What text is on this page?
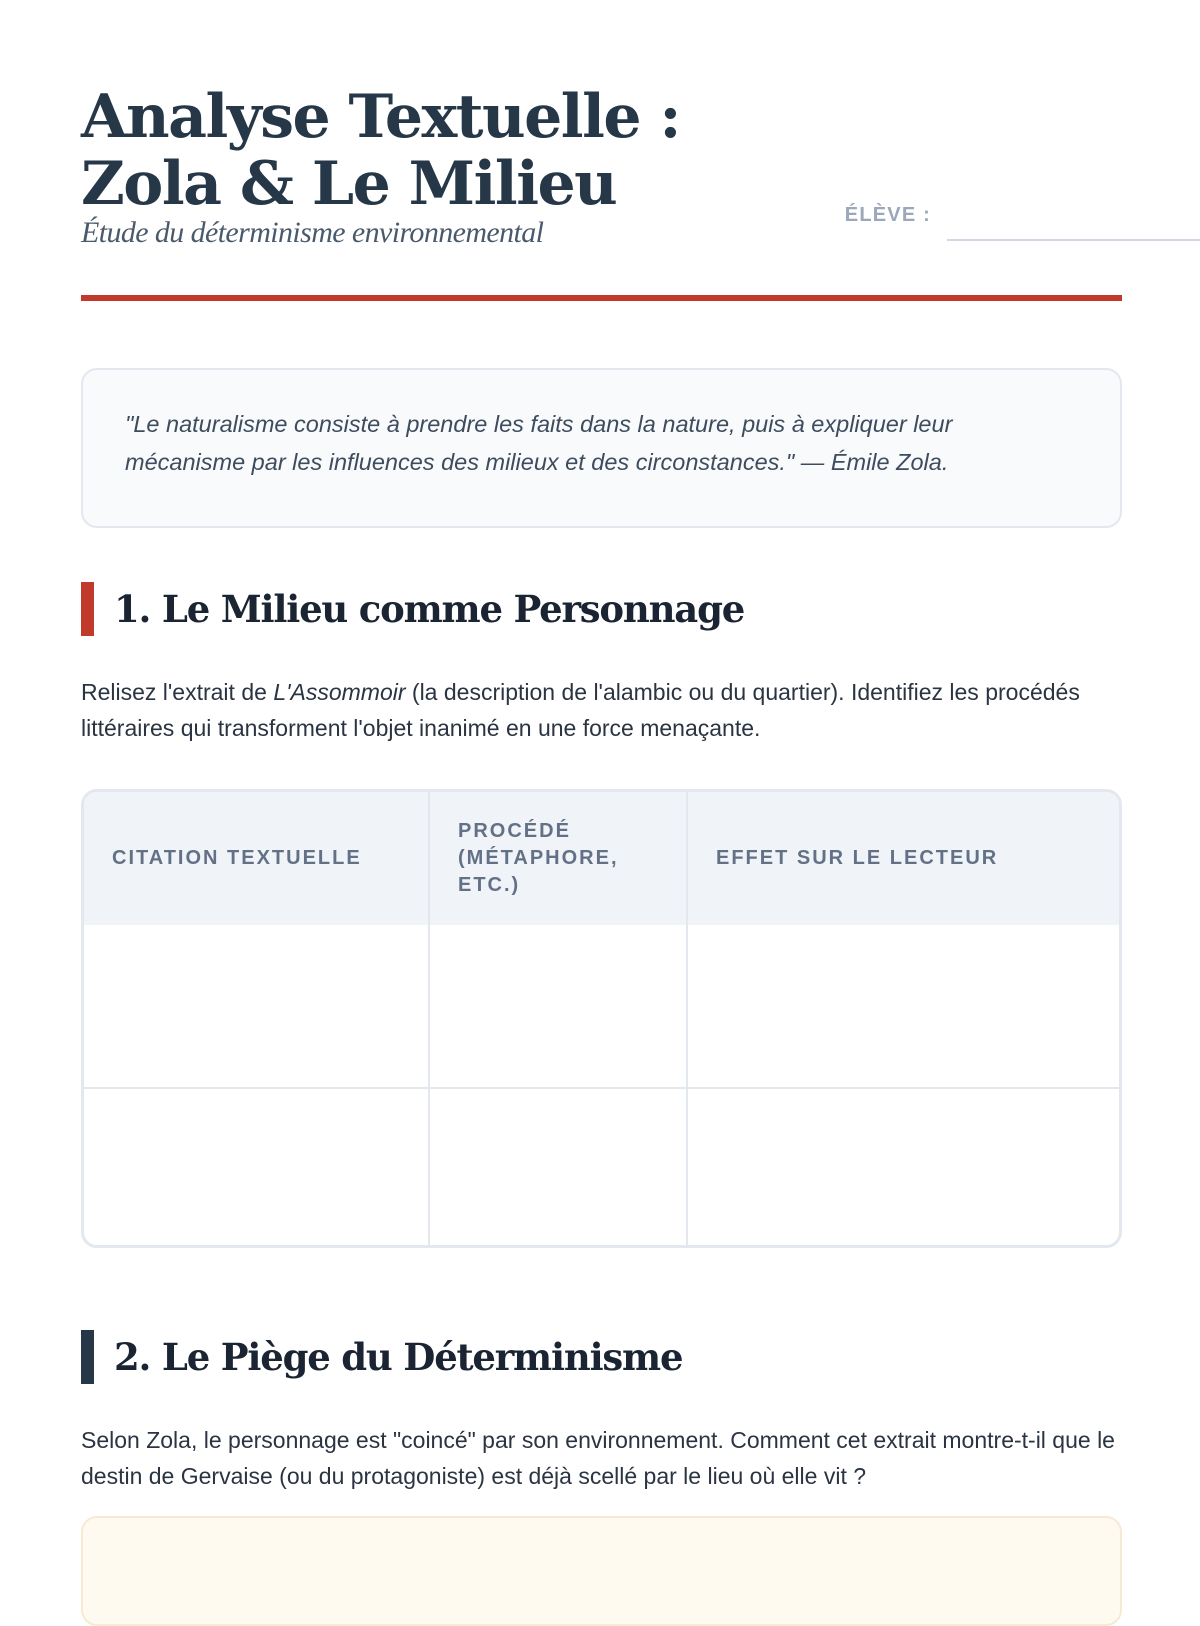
Analyse Textuelle : Zola & Le Milieu

Étude du déterminisme environnemental

ÉLÈVE :
"Le naturalisme consiste à prendre les faits dans la nature, puis à expliquer leur mécanisme par les influences des milieux et des circonstances." — Émile Zola.
1. Le Milieu comme Personnage

Relisez l'extrait de L'Assommoir (la description de l'alambic ou du quartier). Identifiez les procédés littéraires qui transforment l'objet inanimé en une force menaçante.

CITATION TEXTUELLE	PROCÉDÉ (MÉTAPHORE, ETC.)	EFFET SUR LE LECTEUR

2. Le Piège du Déterminisme

Selon Zola, le personnage est "coincé" par son environnement. Comment cet extrait montre-t-il que le destin de Gervaise (ou du protagoniste) est déjà scellé par le lieu où elle vit ?
